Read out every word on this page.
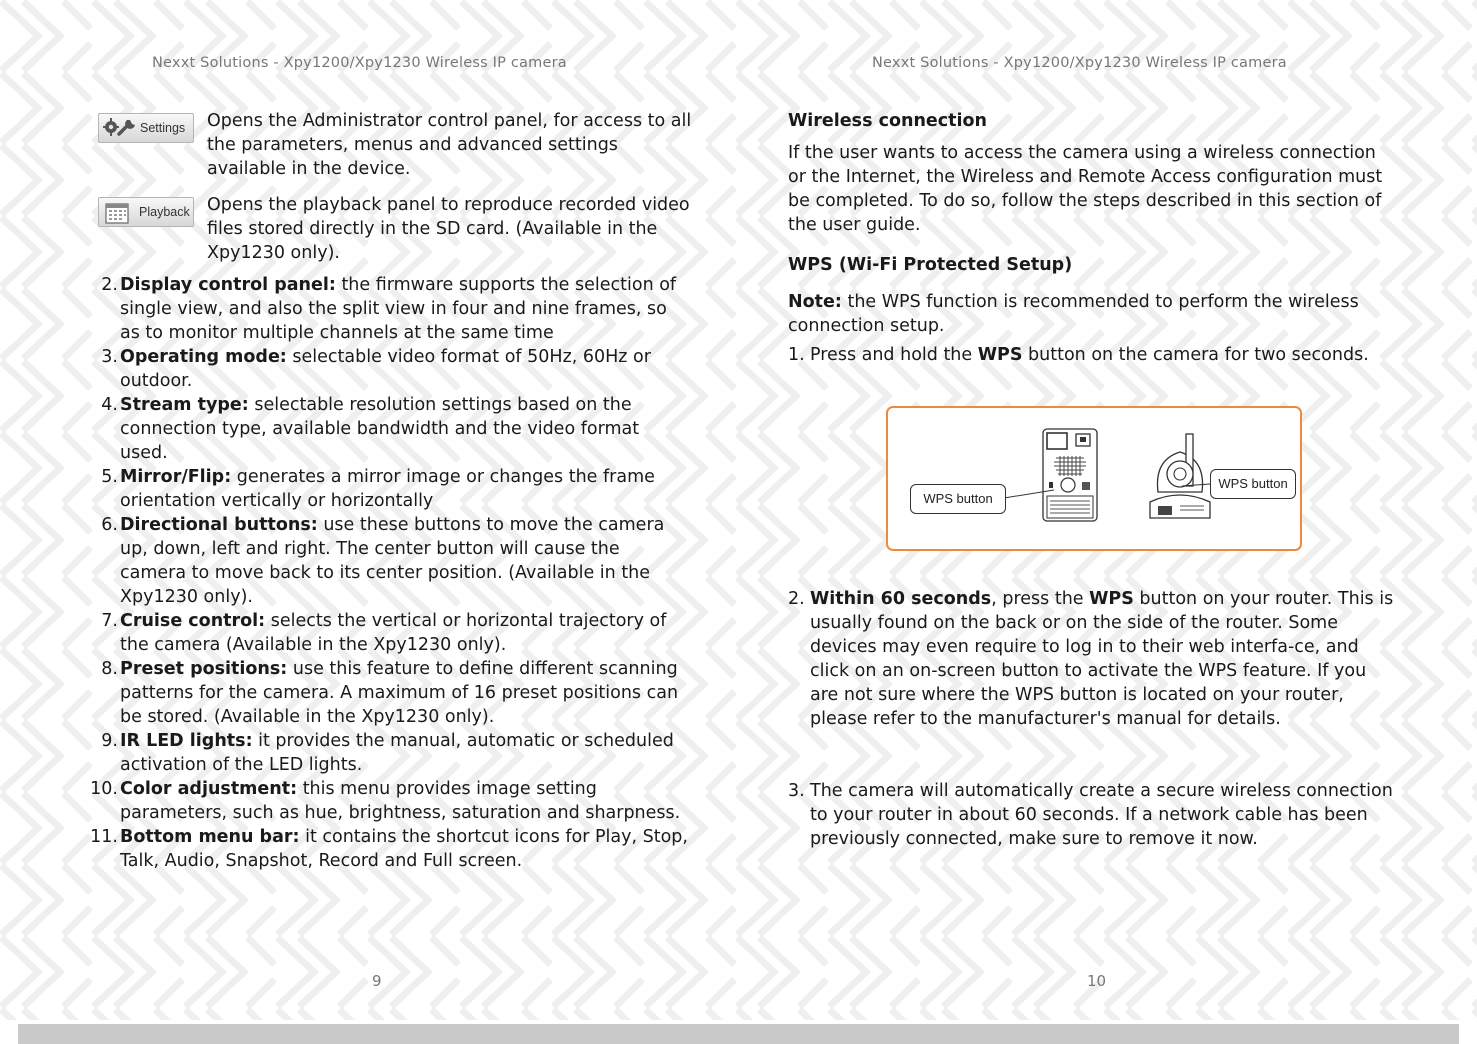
Nexxt Solutions - Xpy1200/Xpy1230 Wireless IP camera
Settings Opens the Administrator control panel, for access to all the parameters, menus and advanced settings available in the device.
Playback Opens the playback panel to reproduce recorded video files stored directly in the SD card. (Available in the Xpy1230 only).
2. Display control panel: the firmware supports the selection of single view, and also the split view in four and nine frames, so as to monitor multiple channels at the same time
3. Operating mode: selectable video format of 50Hz, 60Hz or outdoor.
4. Stream type: selectable resolution settings based on the connection type, available bandwidth and the video format used.
5. Mirror/Flip: generates a mirror image or changes the frame orientation vertically or horizontally
6. Directional buttons: use these buttons to move the camera up, down, left and right. The center button will cause the camera to move back to its center position. (Available in the Xpy1230 only).
7. Cruise control: selects the vertical or horizontal trajectory of the camera (Available in the Xpy1230 only).
8. Preset positions: use this feature to define different scanning patterns for the camera. A maximum of 16 preset positions can be stored. (Available in the Xpy1230 only).
9. IR LED lights: it provides the manual, automatic or scheduled activation of the LED lights.
10. Color adjustment: this menu provides image setting parameters, such as hue, brightness, saturation and sharpness.
11. Bottom menu bar: it contains the shortcut icons for Play, Stop, Talk, Audio, Snapshot, Record and Full screen.
9
Nexxt Solutions - Xpy1200/Xpy1230 Wireless IP camera
Wireless connection
If the user wants to access the camera using a wireless connection or the Internet, the Wireless and Remote Access configuration must be completed. To do so, follow the steps described in this section of the user guide.
WPS (Wi-Fi Protected Setup)
Note: the WPS function is recommended to perform the wireless connection setup.
1. Press and hold the WPS button on the camera for two seconds.
WPS button
WPS button
2. Within 60 seconds, press the WPS button on your router. This is usually found on the back or on the side of the router. Some devices may even require to log in to their web interfa-ce, and click on an on-screen button to activate the WPS feature. If you are not sure where the WPS button is located on your router, please refer to the manufacturer's manual for details.
3. The camera will automatically create a secure wireless connection to your router in about 60 seconds. If a network cable has been previously connected, make sure to remove it now.
10
